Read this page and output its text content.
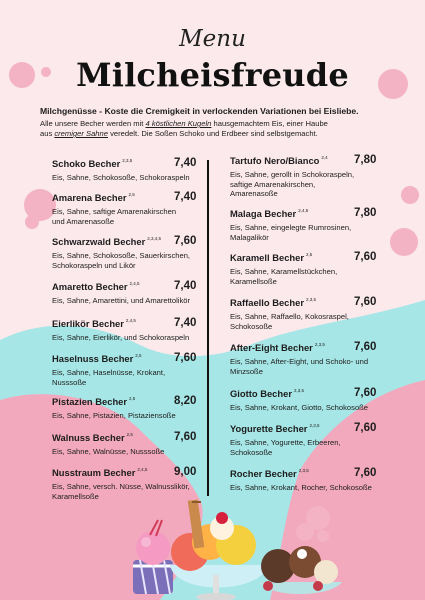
Menu
Milcheisfreude
Milchgenüsse - Koste die Cremigkeit in verlockenden Variationen bei Eisliebe.
Alle unsere Becher werden mit 4 köstlichen Kugeln hausgemachtem Eis, einer Haube
aus cremiger Sahne veredelt. Die Soßen Schoko und Erdbeer sind selbstgemacht.
Schoko Becher $^{2,3,5}$	7,40
Eis, Sahne, Schokosoße, Schokoraspeln
Amarena Becher $^{2,5}$	7,40
Eis, Sahne, saftige Amarenakirschen
und Amarenasoße
Schwarzwald Becher $^{2,3,4,5}$ 7,60
Eis, Sahne, Schokosoße, Sauerkirschen,
Schokoraspeln und Likör
Amaretto Becher $^{2,4,5}$	7,40
Eis, Sahne, Amarettini, und Amarettolikör
Eierlikör Becher $^{2,4,5}$	7,40
Eis, Sahne, Eierlikör, und Schokoraspeln
Haselnuss Becher $^{2,5}$	7,60
Eis, Sahne, Haselnüsse, Krokant,
Nusssoße
Pistazien Becher $^{2,5}$	8,20
Eis, Sahne, Pistazien, Pistaziensoße
Walnuss Becher $^{2,5}$	7,60
Eis, Sahne, Walnüsse, Nusssoße
Nusstraum Becher $^{2,4,5}$ 9,00
Eis, Sahne, versch. Nüsse, Walnusslikör,
Karamellsoße
Tartufo Nero/Bianco $^{2,4}$ 7,80
Eis, Sahne, gerollt in Schokoraspeln,
saftige Amarenakirschen,
Amarenasoße
Malaga Becher $^{2,4,5}$	7,80
Eis, Sahne, eingelegte Rumrosinen,
Malagalikör
Karamell Becher $^{2,5}$	7,60
Eis, Sahne, Karamellstückchen,
Karamellsoße
Raffaello Becher $^{2,3,5}$	7,60
Eis, Sahne, Raffaello, Kokosraspel,
Schokosoße
After-Eight Becher $^{2,3,5}$	7,60
Eis, Sahne, After-Eight, und Schoko- und
Minzsoße
Giotto Becher $^{2,3,5}$	7,60
Eis, Sahne, Krokant, Giotto, Schokosoße
Yogurette Becher $^{2,3,5}$	7,60
Eis, Sahne, Yogurette, Erbeeren,
Schokosoße
Rocher Becher $^{2,3,5}$	7,60
Eis, Sahne, Krokant, Rocher, Schokosoße
